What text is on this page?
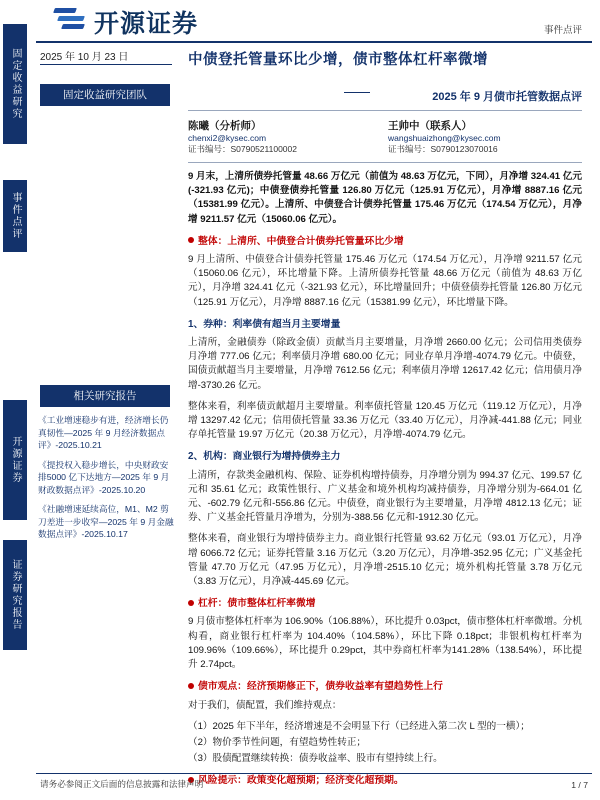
固定收益研究
事件点评
开源证券
证券研究报告
开源证券	事件点评
2025 年 10 月 23 日	中债登托管量环比少增，债市整体杠杆率微增
2025 年 9 月债市托管数据点评
固定收益研究团队
陈曦（分析师）
chenxi2@kysec.com
证书编号：S0790521100002
王帅中（联系人）
wangshuaizhong@kysec.com
证书编号：S0790123070016
相关研究报告
《工业增速稳步有进，经济增长仍真韧性—2025 年 9 月经济数据点评》-2025.10.21
《提投权入稳步增长，中央财政安排5000 亿下达地方—2025 年 9 月财政数据点评》-2025.10.20
《社融增速延续高位，M1、M2 剪刀差进一步收窄—2025 年 9 月金融数据点评》-2025.10.17

9 月末，上清所债券托管量 48.66 万亿元（前值为 48.63 万亿元，下同），月净增 324.41 亿元 (-321.93 亿元)；中债登债券托管量 126.80 万亿元（125.91 万亿元），月净增 8887.16 亿元（15381.99 亿元）。上清所、中债登合计债券托管量 175.46 万亿元（174.54 万亿元），月净增 9211.57 亿元（15060.06 亿元）。

整体：上清所、中债登合计债券托管量环比少增

9 月上清所、中债登合计债券托管量 175.46 万亿元（174.54 万亿元），月净增 9211.57 亿元（15060.06 亿元），环比增量下降。上清所债券托管量 48.66 万亿元（前值为 48.63 万亿元），月净增 324.41 亿元（-321.93 亿元），环比增量回升；中债登债券托管量 126.80 万亿元（125.91 万亿元），月净增 8887.16 亿元（15381.99 亿元），环比增量下降。

1、券种：利率债有超当月主要增量

上清所，金融债券（除政金债）贡献当月主要增量，月净增 2660.00 亿元；公司信用类债券月净增 777.06 亿元；利率债月净增 680.00 亿元；同业存单月净增-4074.79 亿元。中债登，国债贡献超当月主要增量，月净增 7612.56 亿元；利率债月净增 12617.42 亿元；信用债月净增-3730.26 亿元。

整体来看，利率债贡献超月主要增量。利率债托管量 120.45 万亿元（119.12 万亿元），月净增 13297.42 亿元；信用债托管量 33.36 万亿元（33.40 万亿元），月净减-441.88 亿元；同业存单托管量 19.97 万亿元（20.38 万亿元），月净增-4074.79 亿元。

2、机构：商业银行为增持债券主力

上清所，存款类金融机构、保险、证券机构增持债券，月净增分别为 994.37 亿元、199.57 亿元和 35.61 亿元；政策性银行、广义基金和境外机构均减持债券，月净增分别为-664.01 亿元、-602.79 亿元和-556.86 亿元。中债登，商业银行为主要增量，月净增 4812.13 亿元；证券、广义基金托管量月净增为，分别为-388.56 亿元和-1912.30 亿元。

整体来看，商业银行为增持债券主力。商业银行托管量 93.62 万亿元（93.01 万亿元），月净增 6066.72 亿元；证券托管量 3.16 万亿元（3.20 万亿元），月净增-352.95 亿元；广义基金托管量 47.70 万亿元（47.95 万亿元），月净增-2515.10 亿元；境外机构托管量 3.78 万亿元（3.83 万亿元），月净减-445.69 亿元。

杠杆：债市整体杠杆率微增

9 月债市整体杠杆率为 106.90%（106.88%），环比提升 0.03pct，债市整体杠杆率微增。分机构看，商业银行杠杆率为 104.40%（104.58%），环比下降 0.18pct；非银机构杠杆率为 109.96%（109.66%），环比提升 0.29pct，其中券商杠杆率为141.28%（138.54%），环比提升 2.74pct。

债市观点：经济预期修正下，债券收益率有望趋势性上行

对于我们，债配置，我们维持观点：

（1）2025 年下半年，经济增速是不会明显下行（已经进入第二次 L 型的一横）；
（2）物价季节性问题，有望趋势性转正；
（3）股债配置继续转换：债券收益率、股市有望持续上行。
风险提示：政策变化超预期；经济变化超预期。
请务必参阅正文后面的信息披露和法律声明	1 / 7
